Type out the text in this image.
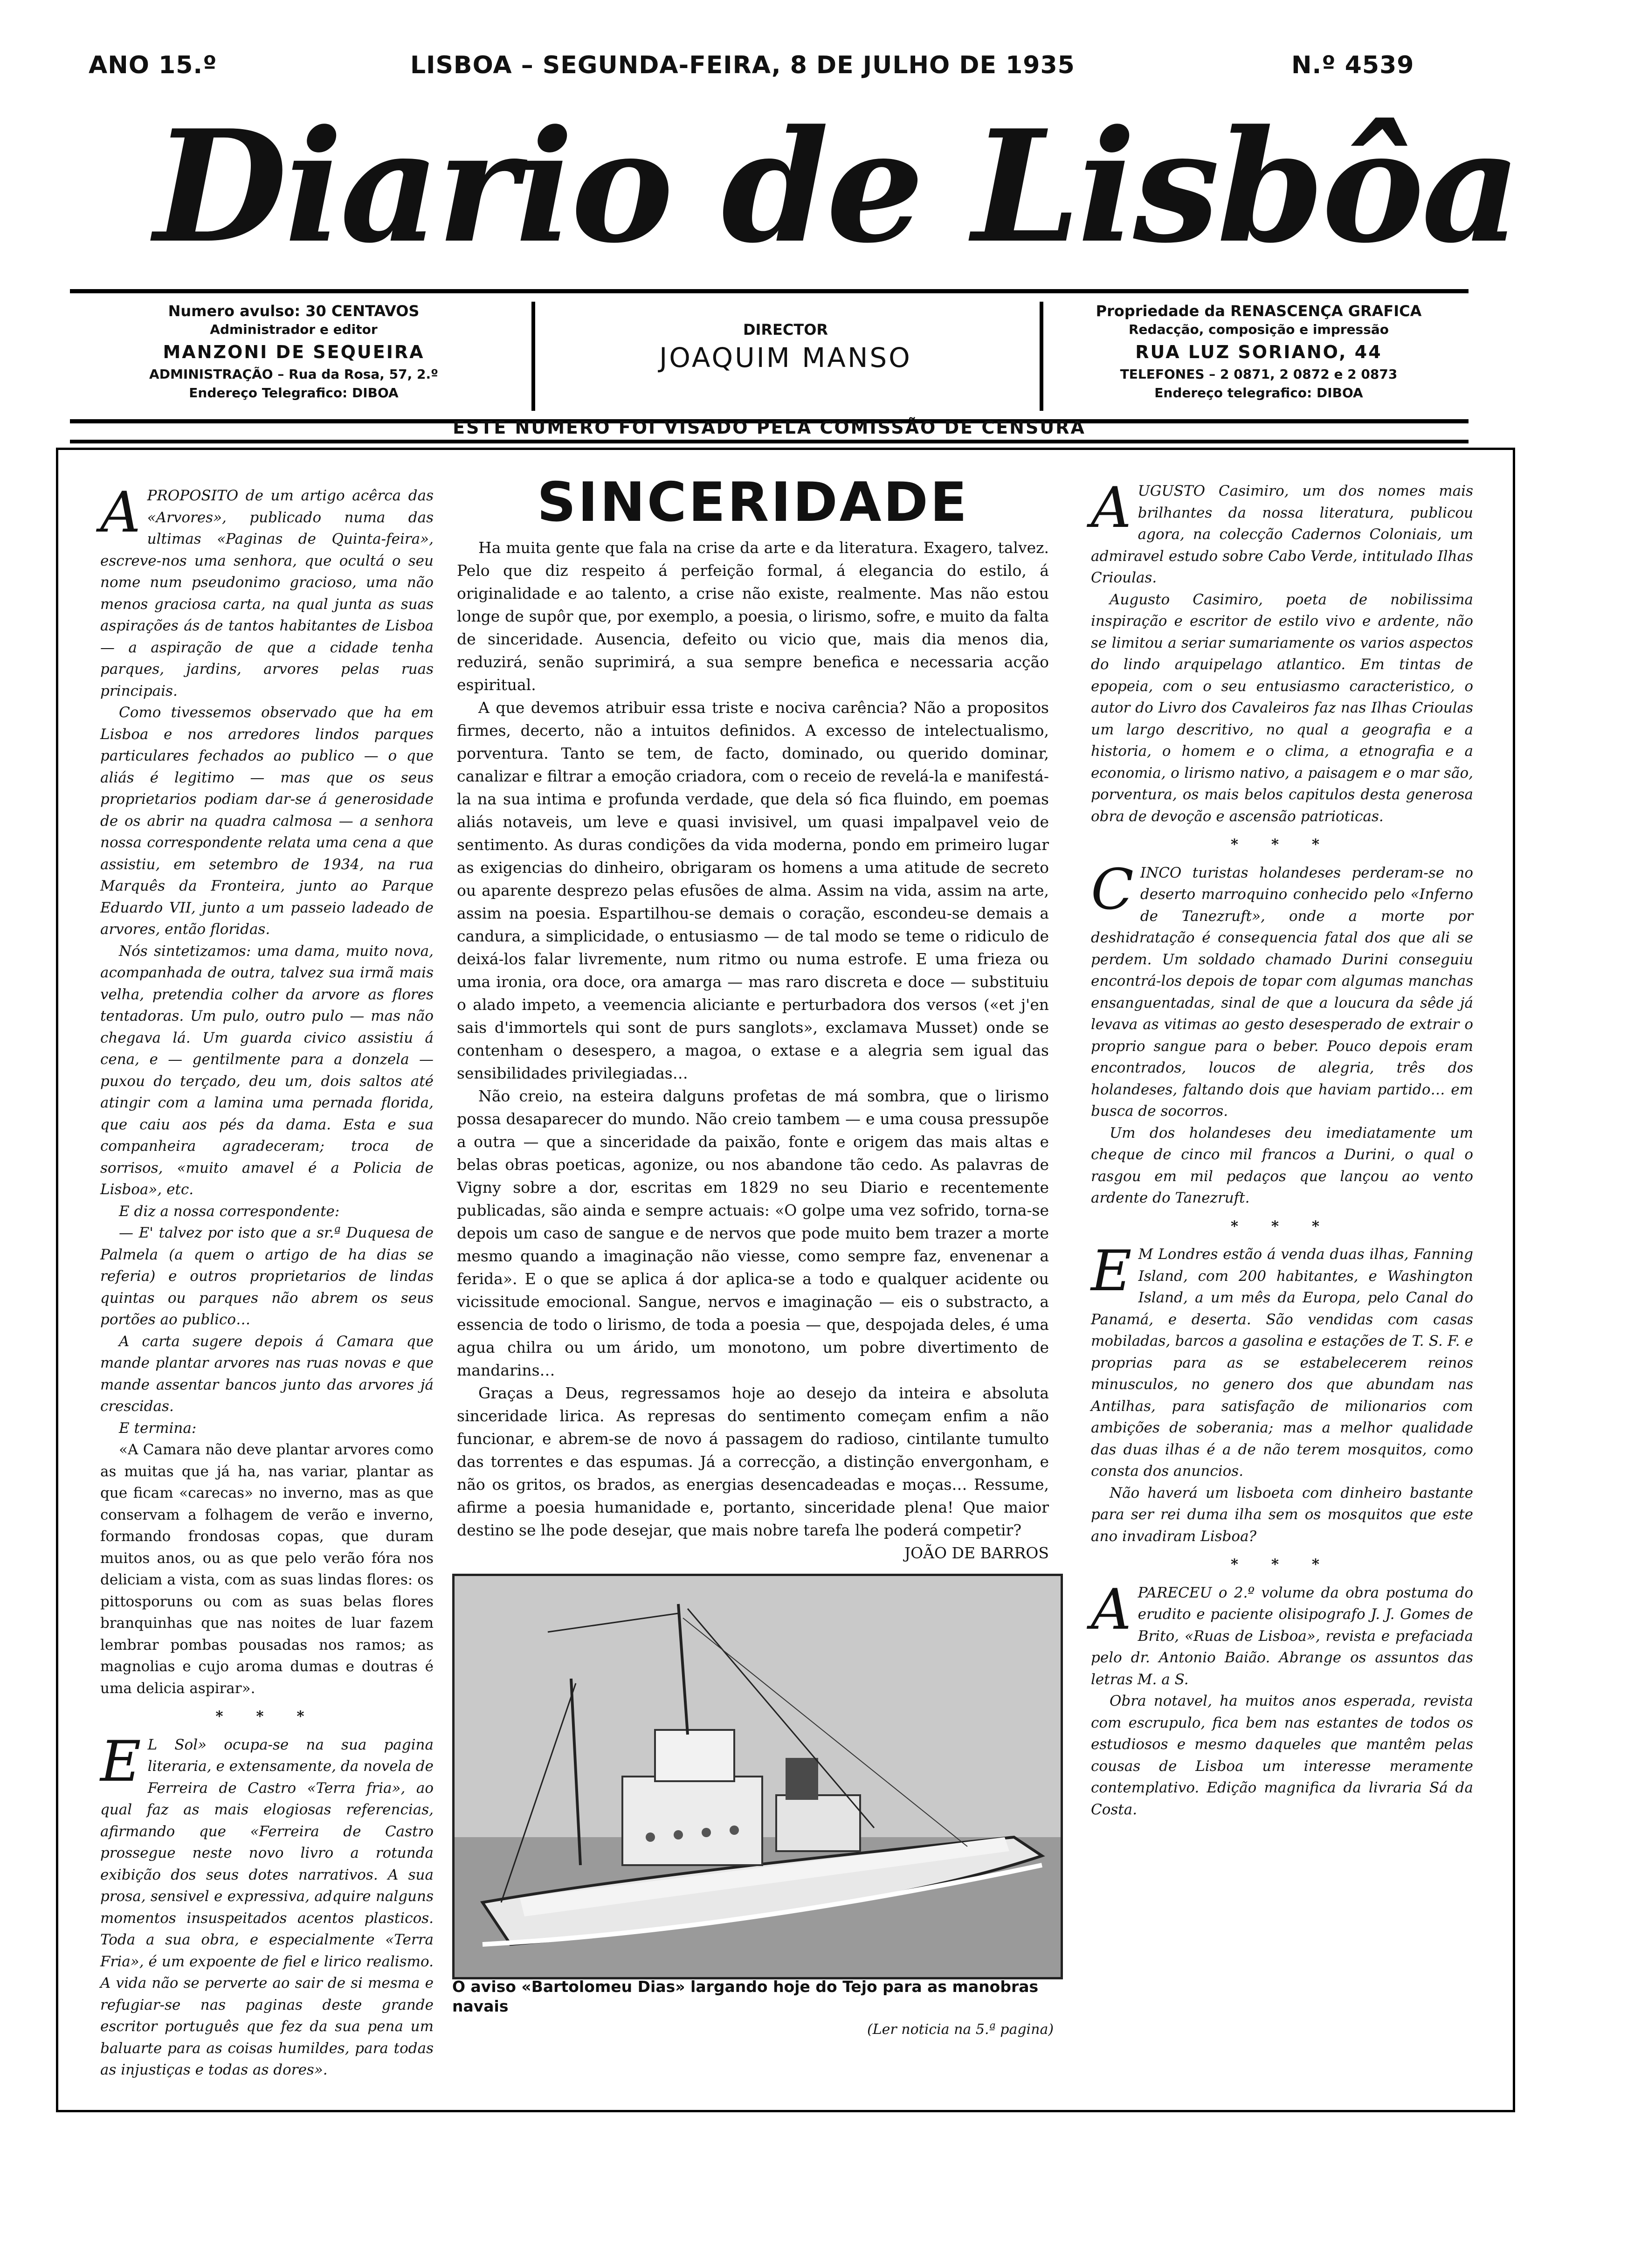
ANO 15.º	LISBOA – SEGUNDA-FEIRA, 8 DE JULHO DE 1935	N.º 4539
Diario de Lisbôa
Numero avulso: 30 CENTAVOS
Administrador e editor
MANZONI DE SEQUEIRA
ADMINISTRAÇÃO – Rua da Rosa, 57, 2.º
Endereço Telegrafico: DIBOA
DIRECTOR
JOAQUIM MANSO
Propriedade da RENASCENÇA GRAFICA
Redacção, composição e impressão
RUA LUZ SORIANO, 44
TELEFONES – 2 0871, 2 0872 e 2 0873
Endereço telegrafico: DIBOA
ESTE NUMERO FOI VISADO PELA COMISSÃO DE CENSURA

APROPOSITO de um artigo acêrca das «Arvores», publicado numa das ultimas «Paginas de Quinta-feira», escreve-nos uma senhora, que ocultá o seu nome num pseudonimo gracioso, uma não menos graciosa carta, na qual junta as suas aspirações ás de tantos habitantes de Lisboa — a aspiração de que a cidade tenha parques, jardins, arvores pelas ruas principais.

Como tivessemos observado que ha em Lisboa e nos arredores lindos parques particulares fechados ao publico — o que aliás é legitimo — mas que os seus proprietarios podiam dar-se á generosidade de os abrir na quadra calmosa — a senhora nossa correspondente relata uma cena a que assistiu, em setembro de 1934, na rua Marquês da Fronteira, junto ao Parque Eduardo VII, junto a um passeio ladeado de arvores, então floridas.

Nós sintetizamos: uma dama, muito nova, acompanhada de outra, talvez sua irmã mais velha, pretendia colher da arvore as flores tentadoras. Um pulo, outro pulo — mas não chegava lá. Um guarda civico assistiu á cena, e — gentilmente para a donzela — puxou do terçado, deu um, dois saltos até atingir com a lamina uma pernada florida, que caiu aos pés da dama. Esta e sua companheira agradeceram; troca de sorrisos, «muito amavel é a Policia de Lisboa», etc.

E diz a nossa correspondente:

— E' talvez por isto que a sr.ª Duquesa de Palmela (a quem o artigo de ha dias se referia) e outros proprietarios de lindas quintas ou parques não abrem os seus portões ao publico…

A carta sugere depois á Camara que mande plantar arvores nas ruas novas e que mande assentar bancos junto das arvores já crescidas.

E termina:

«A Camara não deve plantar arvores como as muitas que já ha, nas variar, plantar as que ficam «carecas» no inverno, mas as que conservam a folhagem de verão e inverno, formando frondosas copas, que duram muitos anos, ou as que pelo verão fóra nos deliciam a vista, com as suas lindas flores: os pittosporuns ou com as suas belas flores branquinhas que nas noites de luar fazem lembrar pombas pousadas nos ramos; as magnolias e cujo aroma dumas e doutras é uma delicia aspirar».

* * *

E L Sol» ocupa-se na sua pagina literaria, e extensamente, da novela de Ferreira de Castro «Terra fria», ao qual faz as mais elogiosas referencias, afirmando que «Ferreira de Castro prossegue neste novo livro a rotunda exibição dos seus dotes narrativos. A sua prosa, sensivel e expressiva, adquire nalguns momentos insuspeitados acentos plasticos. Toda a sua obra, e especialmente «Terra Fria», é um expoente de fiel e lirico realismo. A vida não se perverte ao sair de si mesma e refugiar-se nas paginas deste grande escritor português que fez da sua pena um baluarte para as coisas humildes, para todas as injustiças e todas as dores».

SINCERIDADE

Ha muita gente que fala na crise da arte e da literatura. Exagero, talvez. Pelo que diz respeito á perfeição formal, á elegancia do estilo, á originalidade e ao talento, a crise não existe, realmente. Mas não estou longe de supôr que, por exemplo, a poesia, o lirismo, sofre, e muito da falta de sinceridade. Ausencia, defeito ou vicio que, mais dia menos dia, reduzirá, senão suprimirá, a sua sempre benefica e necessaria acção espiritual.

A que devemos atribuir essa triste e nociva carência? Não a propositos firmes, decerto, não a intuitos definidos. A excesso de intelectualismo, porventura. Tanto se tem, de facto, dominado, ou querido dominar, canalizar e filtrar a emoção criadora, com o receio de revelá-la e manifestá-la na sua intima e profunda verdade, que dela só fica fluindo, em poemas aliás notaveis, um leve e quasi invisivel, um quasi impalpavel veio de sentimento. As duras condições da vida moderna, pondo em primeiro lugar as exigencias do dinheiro, obrigaram os homens a uma atitude de secreto ou aparente desprezo pelas efusões de alma. Assim na vida, assim na arte, assim na poesia. Espartilhou-se demais o coração, escondeu-se demais a candura, a simplicidade, o entusiasmo — de tal modo se teme o ridiculo de deixá-los falar livremente, num ritmo ou numa estrofe. E uma frieza ou uma ironia, ora doce, ora amarga — mas raro discreta e doce — substituiu o alado impeto, a veemencia aliciante e perturbadora dos versos («et j'en sais d'immortels qui sont de purs sanglots», exclamava Musset) onde se contenham o desespero, a magoa, o extase e a alegria sem igual das sensibilidades privilegiadas…

Não creio, na esteira dalguns profetas de má sombra, que o lirismo possa desaparecer do mundo. Não creio tambem — e uma cousa pressupõe a outra — que a sinceridade da paixão, fonte e origem das mais altas e belas obras poeticas, agonize, ou nos abandone tão cedo. As palavras de Vigny sobre a dor, escritas em 1829 no seu Diario e recentemente publicadas, são ainda e sempre actuais: «O golpe uma vez sofrido, torna-se depois um caso de sangue e de nervos que pode muito bem trazer a morte mesmo quando a imaginação não viesse, como sempre faz, envenenar a ferida». E o que se aplica á dor aplica-se a todo e qualquer acidente ou vicissitude emocional. Sangue, nervos e imaginação — eis o substracto, a essencia de todo o lirismo, de toda a poesia — que, despojada deles, é uma agua chilra ou um árido, um monotono, um pobre divertimento de mandarins…

Graças a Deus, regressamos hoje ao desejo da inteira e absoluta sinceridade lirica. As represas do sentimento começam enfim a não funcionar, e abrem-se de novo á passagem do radioso, cintilante tumulto das torrentes e das espumas. Já a correcção, a distinção envergonham, e não os gritos, os brados, as energias desencadeadas e moças… Ressume, afirme a poesia humanidade e, portanto, sinceridade plena! Que maior destino se lhe pode desejar, que mais nobre tarefa lhe poderá competir?

JOÃO DE BARROS

O aviso «Bartolomeu Dias» largando hoje do Tejo para as manobras navais
(Ler noticia na 5.ª pagina)

AUGUSTO Casimiro, um dos nomes mais brilhantes da nossa literatura, publicou agora, na colecção Cadernos Coloniais, um admiravel estudo sobre Cabo Verde, intitulado Ilhas Crioulas.

Augusto Casimiro, poeta de nobilissima inspiração e escritor de estilo vivo e ardente, não se limitou a seriar sumariamente os varios aspectos do lindo arquipelago atlantico. Em tintas de epopeia, com o seu entusiasmo caracteristico, o autor do Livro dos Cavaleiros faz nas Ilhas Crioulas um largo descritivo, no qual a geografia e a historia, o homem e o clima, a etnografia e a economia, o lirismo nativo, a paisagem e o mar são, porventura, os mais belos capitulos desta generosa obra de devoção e ascensão patrioticas.

* * *

CINCO turistas holandeses perderam-se no deserto marroquino conhecido pelo «Inferno de Tanezruft», onde a morte por deshidratação é consequencia fatal dos que ali se perdem. Um soldado chamado Durini conseguiu encontrá-los depois de topar com algumas manchas ensanguentadas, sinal de que a loucura da sêde já levava as vitimas ao gesto desesperado de extrair o proprio sangue para o beber. Pouco depois eram encontrados, loucos de alegria, três dos holandeses, faltando dois que haviam partido… em busca de socorros.

Um dos holandeses deu imediatamente um cheque de cinco mil francos a Durini, o qual o rasgou em mil pedaços que lançou ao vento ardente do Tanezruft.

* * *

E M Londres estão á venda duas ilhas, Fanning Island, com 200 habitantes, e Washington Island, a um mês da Europa, pelo Canal do Panamá, e deserta. São vendidas com casas mobiladas, barcos a gasolina e estações de T. S. F. e proprias para as se estabelecerem reinos minusculos, no genero dos que abundam nas Antilhas, para satisfação de milionarios com ambições de soberania; mas a melhor qualidade das duas ilhas é a de não terem mosquitos, como consta dos anuncios.

Não haverá um lisboeta com dinheiro bastante para ser rei duma ilha sem os mosquitos que este ano invadiram Lisboa?

* * *

APARECEU o 2.º volume da obra postuma do erudito e paciente olisipografo J. J. Gomes de Brito, «Ruas de Lisboa», revista e prefaciada pelo dr. Antonio Baião. Abrange os assuntos das letras M. a S.

Obra notavel, ha muitos anos esperada, revista com escrupulo, fica bem nas estantes de todos os estudiosos e mesmo daqueles que mantêm pelas cousas de Lisboa um interesse meramente contemplativo. Edição magnifica da livraria Sá da Costa.
